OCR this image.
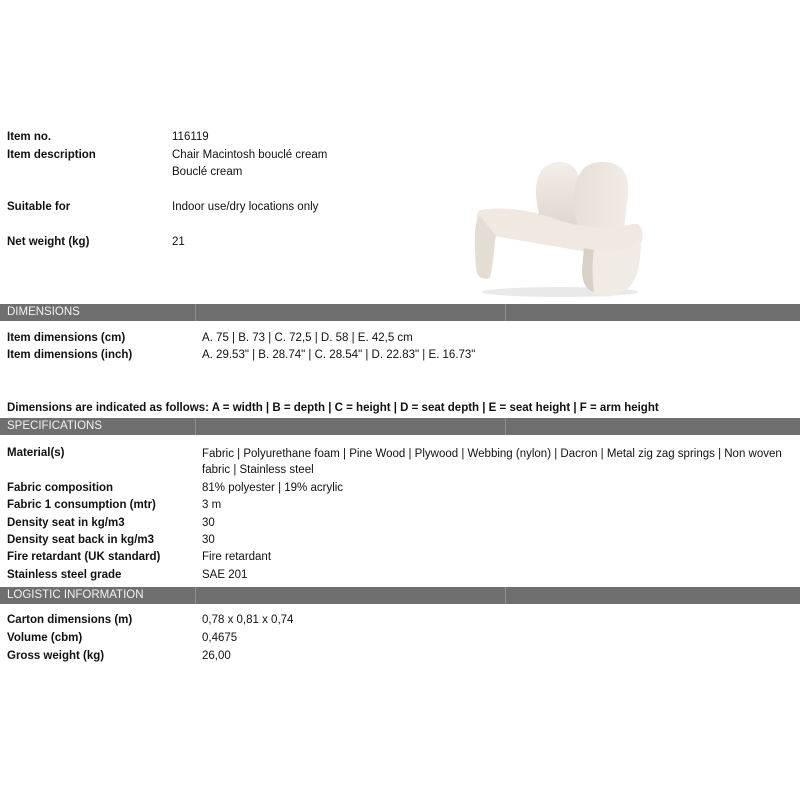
Item no.	116119
Item description	Chair Macintosh bouclé cream
Bouclé cream
Suitable for	Indoor use/dry locations only
Net weight (kg)	21
DIMENSIONS
Item dimensions (cm)	A. 75 | B. 73 | C. 72,5 | D. 58 | E. 42,5 cm
Item dimensions (inch)	A. 29.53" | B. 28.74" | C. 28.54" | D. 22.83" | E. 16.73"
Dimensions are indicated as follows: A = width | B = depth | C = height | D = seat depth | E = seat height | F = arm height
SPECIFICATIONS
Material(s)	Fabric | Polyurethane foam | Pine Wood | Plywood | Webbing (nylon) | Dacron | Metal zig zag springs | Non woven fabric | Stainless steel
Fabric composition	81% polyester | 19% acrylic
Fabric 1 consumption (mtr)	3 m
Density seat in kg/m3	30
Density seat back in kg/m3	30
Fire retardant (UK standard)	Fire retardant
Stainless steel grade	SAE 201
LOGISTIC INFORMATION
Carton dimensions (m)	0,78 x 0,81 x 0,74
Volume (cbm)	0,4675
Gross weight (kg)	26,00
